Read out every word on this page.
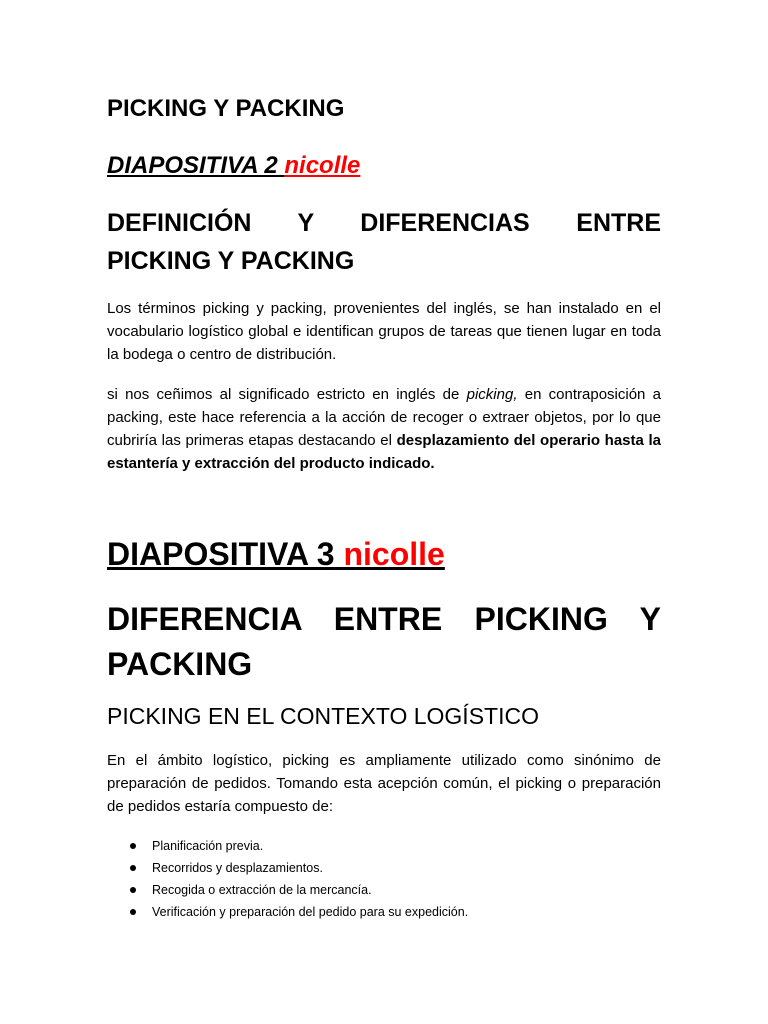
PICKING Y PACKING
DIAPOSITIVA 2 nicolle
DEFINICIÓN Y DIFERENCIAS ENTRE
PICKING Y PACKING

Los términos picking y packing, provenientes del inglés, se han instalado en el vocabulario logístico global e identifican grupos de tareas que tienen lugar en toda la bodega o centro de distribución.

si nos ceñimos al significado estricto en inglés de picking, en contraposición a packing, este hace referencia a la acción de recoger o extraer objetos, por lo que cubriría las primeras etapas destacando el desplazamiento del operario hasta la estantería y extracción del producto indicado.

DIAPOSITIVA 3 nicolle
DIFERENCIA ENTRE PICKING Y
PACKING
PICKING EN EL CONTEXTO LOGÍSTICO

En el ámbito logístico, picking es ampliamente utilizado como sinónimo de preparación de pedidos. Tomando esta acepción común, el picking o preparación de pedidos estaría compuesto de:

Planificación previa.
Recorridos y desplazamientos.
Recogida o extracción de la mercancía.
Verificación y preparación del pedido para su expedición.
